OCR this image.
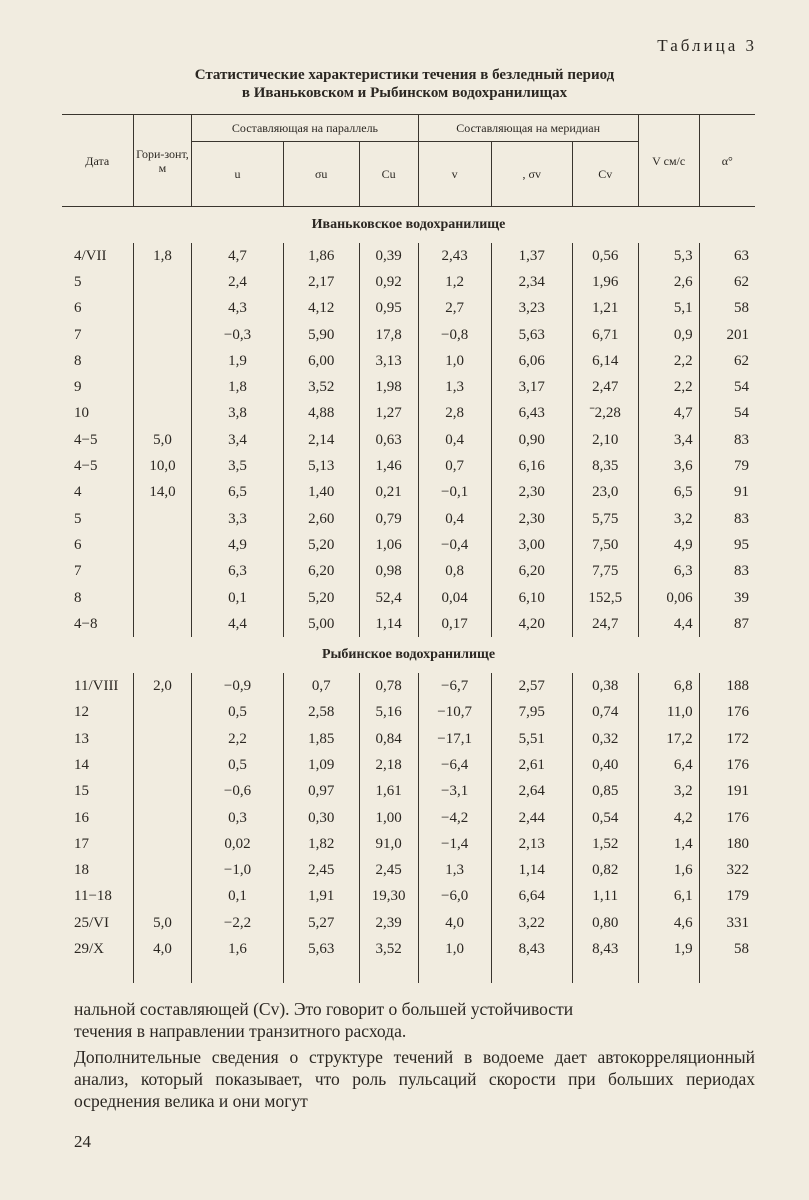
Таблица 3
Статистические характеристики течения в безледный период
в Иваньковском и Рыбинском водохранилищах
Дата	Гори-зонт, м	Составляющая на параллель			Составляющая на меридиан			V см/с	α°
		u	σu	Cu	v	, σv	Cv		
Иваньковское водохранилище									
4/VII	1,8	4,7	1,86	0,39	2,43	1,37	0,56	5,3	63
5		2,4	2,17	0,92	1,2	2,34	1,96	2,6	62
6		4,3	4,12	0,95	2,7	3,23	1,21	5,1	58
7		−0,3	5,90	17,8	−0,8	5,63	6,71	0,9	201
8		1,9	6,00	3,13	1,0	6,06	6,14	2,2	62
9		1,8	3,52	1,98	1,3	3,17	2,47	2,2	54
10		3,8	4,88	1,27	2,8	6,43	ˉ2,28	4,7	54
4−5	5,0	3,4	2,14	0,63	0,4	0,90	2,10	3,4	83
4−5	10,0	3,5	5,13	1,46	0,7	6,16	8,35	3,6	79
4	14,0	6,5	1,40	0,21	−0,1	2,30	23,0	6,5	91
5		3,3	2,60	0,79	0,4	2,30	5,75	3,2	83
6		4,9	5,20	1,06	−0,4	3,00	7,50	4,9	95
7		6,3	6,20	0,98	0,8	6,20	7,75	6,3	83
8		0,1	5,20	52,4	0,04	6,10	152,5	0,06	39
4−8		4,4	5,00	1,14	0,17	4,20	24,7	4,4	87
Рыбинское водохранилище									
11/VIII	2,0	−0,9	0,7	0,78	−6,7	2,57	0,38	6,8	188
12		0,5	2,58	5,16	−10,7	7,95	0,74	11,0	176
13		2,2	1,85	0,84	−17,1	5,51	0,32	17,2	172
14		0,5	1,09	2,18	−6,4	2,61	0,40	6,4	176
15		−0,6	0,97	1,61	−3,1	2,64	0,85	3,2	191
16		0,3	0,30	1,00	−4,2	2,44	0,54	4,2	176
17		0,02	1,82	91,0	−1,4	2,13	1,52	1,4	180
18		−1,0	2,45	2,45	1,3	1,14	0,82	1,6	322
11−18		0,1	1,91	19,30	−6,0	6,64	1,11	6,1	179
25/VI	5,0	−2,2	5,27	2,39	4,0	3,22	0,80	4,6	331
29/X	4,0	1,6	5,63	3,52	1,0	8,43	8,43	1,9	58

нальной составляющей (Cv). Это говорит о большей устойчивости
течения в направлении транзитного расхода.
Дополнительные сведения о структуре течений в водоеме дает автокорреляционный анализ, который показывает, что роль пульсаций скорости при больших периодах осреднения велика и они могут
24
